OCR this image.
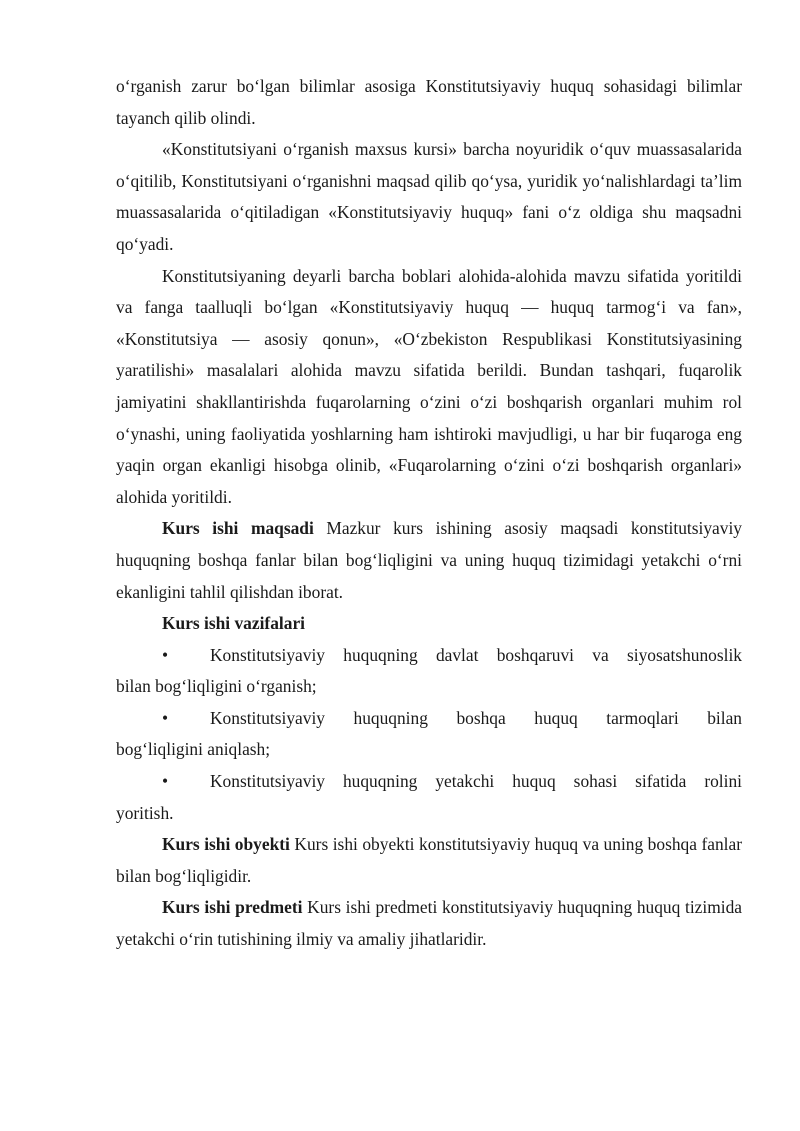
o‘rganish zarur bo‘lgan bilimlar asosiga Konstitutsiyaviy huquq sohasidagi bilimlar tayanch qilib olindi.

«Konstitutsiyani o‘rganish maxsus kursi» barcha noyuridik o‘quv muassasalarida o‘qitilib, Konstitutsiyani o‘rganishni maqsad qilib qo‘ysa, yuridik yo‘nalishlardagi ta’lim muassasalarida o‘qitiladigan «Konstitutsiyaviy huquq» fani o‘z oldiga shu maqsadni qo‘yadi.

Konstitutsiyaning deyarli barcha boblari alohida-alohida mavzu sifatida yoritildi va fanga taalluqli bo‘lgan «Konstitutsiyaviy huquq — huquq tarmog‘i va fan», «Konstitutsiya — asosiy qonun», «O‘zbekiston Respublikasi Konstitutsiyasining yaratilishi» masalalari alohida mavzu sifatida berildi. Bundan tashqari, fuqarolik jamiyatini shakllantirishda fuqarolarning o‘zini o‘zi boshqarish organlari muhim rol o‘ynashi, uning faoliyatida yoshlarning ham ishtiroki mavjudligi, u har bir fuqaroga eng yaqin organ ekanligi hisobga olinib, «Fuqarolarning o‘zini o‘zi boshqarish organlari» alohida yoritildi.

Kurs ishi maqsadi Mazkur kurs ishining asosiy maqsadi konstitutsiyaviy huquqning boshqa fanlar bilan bog‘liqligini va uning huquq tizimidagi yetakchi o‘rni ekanligini tahlil qilishdan iborat.

Kurs ishi vazifalari

•	Konstitutsiyaviy huquqning davlat boshqaruvi va siyosatshunoslik

bilan bog‘liqligini o‘rganish;

•	Konstitutsiyaviy huquqning boshqa huquq tarmoqlari bilan

bog‘liqligini aniqlash;

•	Konstitutsiyaviy huquqning yetakchi huquq sohasi sifatida rolini

yoritish.

Kurs ishi obyekti Kurs ishi obyekti konstitutsiyaviy huquq va uning boshqa fanlar bilan bog‘liqligidir.

Kurs ishi predmeti Kurs ishi predmeti konstitutsiyaviy huquqning huquq tizimida yetakchi o‘rin tutishining ilmiy va amaliy jihatlaridir.
